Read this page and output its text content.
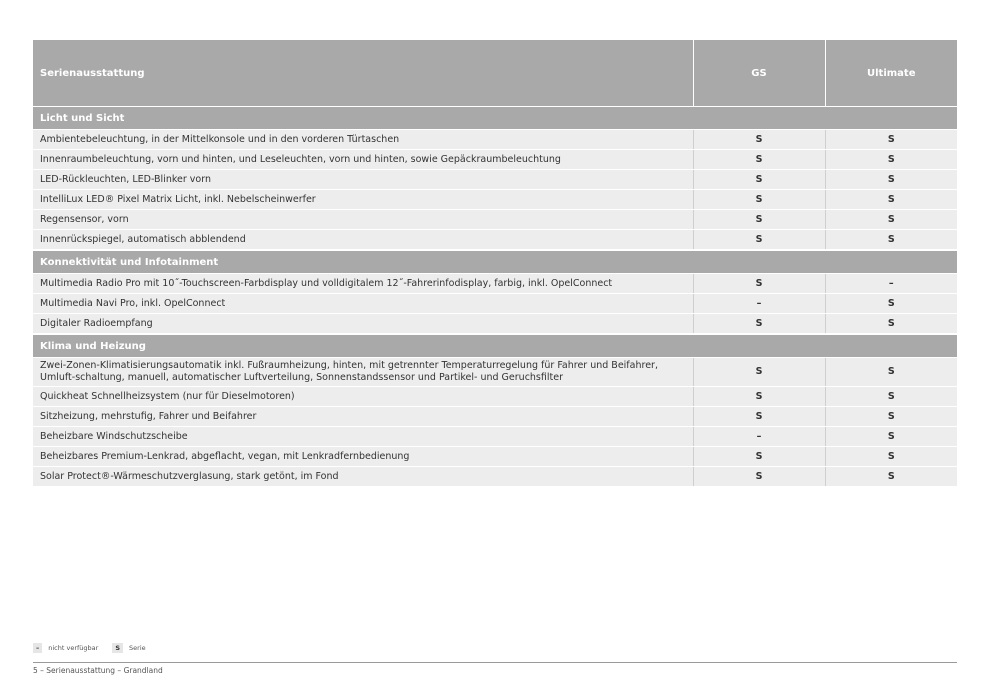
Serienausstattung	GS	Ultimate

Licht und Sicht		
Ambientebeleuchtung, in der Mittelkonsole und in den vorderen Türtaschen	S	S
Innenraumbeleuchtung, vorn und hinten, und Leseleuchten, vorn und hinten, sowie Gepäckraumbeleuchtung	S	S
LED-Rückleuchten, LED-Blinker vorn	S	S
IntelliLux LED® Pixel Matrix Licht, inkl. Nebelscheinwerfer	S	S
Regensensor, vorn	S	S
Innenrückspiegel, automatisch abblendend	S	S

Konnektivität und Infotainment		
Multimedia Radio Pro mit 10˝-Touchscreen-Farbdisplay und volldigitalem 12˝-Fahrerinfodisplay, farbig, inkl. OpelConnect	S	–
Multimedia Navi Pro, inkl. OpelConnect	–	S
Digitaler Radioempfang	S	S

Klima und Heizung		
Zwei-Zonen-Klimatisierungsautomatik inkl. Fußraumheizung, hinten, mit getrennter Temperaturregelung für Fahrer und Beifahrer, Umluft-schaltung, manuell, automatischer Luftverteilung, Sonnenstandssensor und Partikel- und Geruchsfilter	S	S
Quickheat Schnellheizsystem (nur für Dieselmotoren)	S	S
Sitzheizung, mehrstufig, Fahrer und Beifahrer	S	S
Beheizbare Windschutzscheibe	–	S
Beheizbares Premium-Lenkrad, abgeflacht, vegan, mit Lenkradfernbedienung	S	S
Solar Protect®-Wärmeschutzverglasung, stark getönt, im Fond	S	S
–	nicht verfügbar	S	Serie
5 – Serienausstattung – Grandland
